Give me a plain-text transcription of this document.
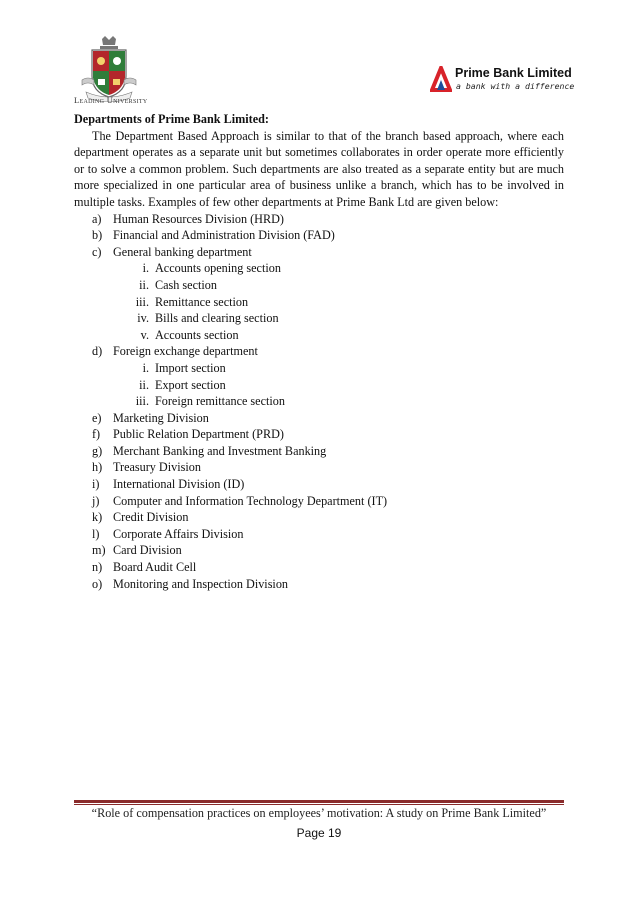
Leading University
Prime Bank Limited
a bank with a difference

Departments of Prime Bank Limited:

The Department Based Approach is similar to that of the branch based approach, where each department operates as a separate unit but sometimes collaborates in order operate more efficiently or to solve a common problem. Such departments are also treated as a separate entity but are much more specialized in one particular area of business unlike a branch, which has to be involved in multiple tasks. Examples of few other departments at Prime Bank Ltd are given below:

a) Human Resources Division (HRD)
b) Financial and Administration Division (FAD)
c) General banking department
i. Accounts opening section
ii. Cash section
iii. Remittance section
iv. Bills and clearing section
v. Accounts section
d) Foreign exchange department
i. Import section
ii. Export section
iii. Foreign remittance section
e) Marketing Division
f)	Public Relation Department (PRD)
g) Merchant Banking and Investment Banking
h) Treasury Division
i)	International Division (ID)
j)	Computer and Information Technology Department (IT)
k) Credit Division
l)	Corporate Affairs Division
m) Card Division
n) Board Audit Cell
o) Monitoring and Inspection Division
“Role of compensation practices on employees’ motivation: A study on Prime Bank Limited”
Page 19
